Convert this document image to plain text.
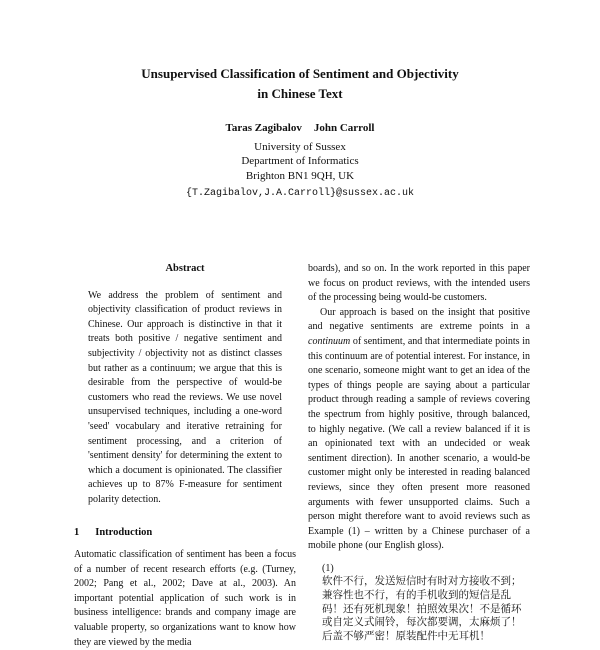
Unsupervised Classification of Sentiment and Objectivity
in Chinese Text
Taras Zagibalov John Carroll
University of Sussex
Department of Informatics
Brighton BN1 9QH, UK
{T.Zagibalov,J.A.Carroll}@sussex.ac.uk
Abstract

We address the problem of sentiment and objectivity classification of product reviews in Chinese. Our approach is distinctive in that it treats both positive / negative sentiment and subjectivity / objectivity not as distinct classes but rather as a continuum; we argue that this is desirable from the perspective of would-be customers who read the reviews. We use novel unsupervised techniques, including a one-word 'seed' vocabulary and iterative retraining for sentiment processing, and a criterion of 'sentiment density' for determining the extent to which a document is opinionated. The classifier achieves up to 87% F-measure for sentiment polarity detection.

1 Introduction

Automatic classification of sentiment has been a focus of a number of recent research efforts (e.g. (Turney, 2002; Pang et al., 2002; Dave at al., 2003). An important potential application of such work is in business intelligence: brands and company image are valuable property, so organizations want to know how they are viewed by the media

boards), and so on. In the work reported in this paper we focus on product reviews, with the intended users of the processing being would-be customers.

Our approach is based on the insight that positive and negative sentiments are extreme points in a continuum of sentiment, and that intermediate points in this continuum are of potential interest. For instance, in one scenario, someone might want to get an idea of the types of things people are saying about a particular product through reading a sample of reviews covering the spectrum from highly positive, through balanced, to highly negative. (We call a review balanced if it is an opinionated text with an undecided or weak sentiment direction). In another scenario, a would-be customer might only be interested in reading balanced reviews, since they often present more reasoned arguments with fewer unsupported claims. Such a person might therefore want to avoid reviews such as Example (1) – written by a Chinese purchaser of a mobile phone (our English gloss).

(1)
软件不行，发送短信时有时对方接收不到；兼容性也不行，有的手机收到的短信是乱码！还有死机现象！拍照效果次！不是循环或自定义式闹铃，每次都要调，太麻烦了！后盖不够严密！原装配件中无耳机！
